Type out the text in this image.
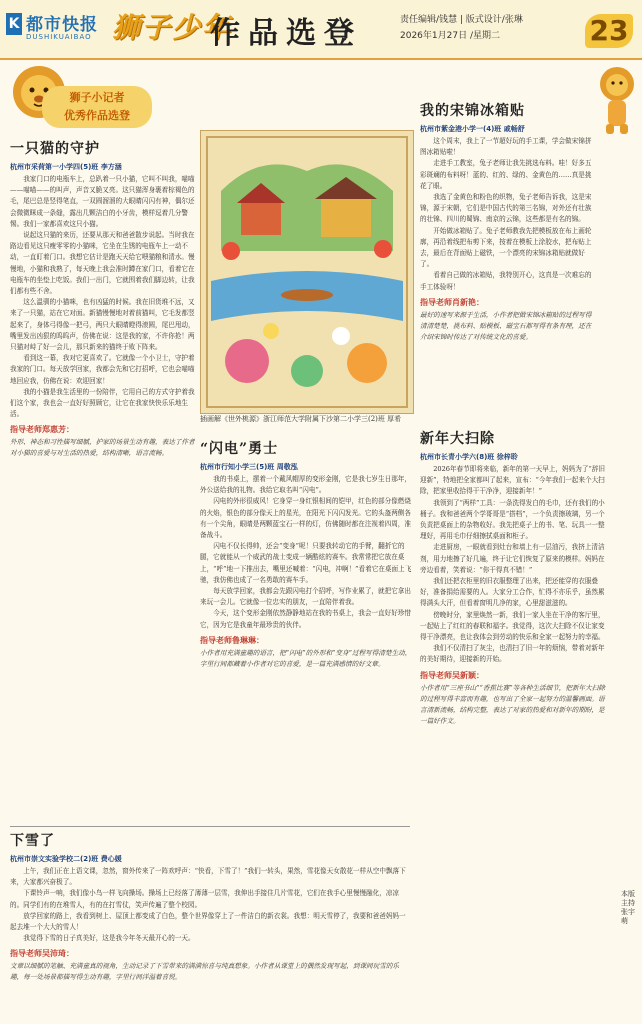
K 都市快报
DUSHIKUAIBAO 狮子少年
作品选登	责任编辑/钱慧 | 版式设计/张琳
2026年1月27日 /星期二	23
狮子小记者
优秀作品选登
一只猫的守护
杭州市采荷第一小学四(5)班 李方涵

我家门口的电瓶车上，总趴着一只小猫，它叫不叫我，喵喵——喵喵——的叫声，声音又脆又亮。这只猫浑身裹着棕褐色的毛，尾巴总是竖得笔直，一双圆溜溜的大眼睛闪闪有神，偶尔还会微微眯成一条缝，露出几颗洁白的小牙齿，模样逗着几分警惕。我们一家都喜欢这只小猫。

说起这只猫的来历，还要从那天和爸爸散步说起。当时我在路边看见这只瘦零零的小猫咪，它坐在生锈的电瓶车上一动不动，一直盯着门口。我想它估计是跑天天给它喂猫粮和清水。慢慢地，小猫和我熟了，每天晚上我会准时蹲在家门口，看着它在电瓶车的坐垫上吃饭。我们一出门，它就围着我们脚边转，让我们都有些不舍。

这么温驯的小猫咪，也有凶猛的时候。我在旧货堆不远，又来了一只猫，站在它对面。新猫慢慢地对着前猫叫，它毛发都竖起来了，身体弓得像一把弓，两只大眼睛瞪得滚圆，尾巴甩动，嘴里发出凶狠的呜呜声，仿佛在说：这是我的家，不许你抢！两只猫对峙了好一会儿，那只新来的猫终于败下阵来。

看到这一幕，我对它更喜欢了。它就像一个小卫士，守护着我家的门口。每天放学回家，我都会先和它打招呼，它也会喵喵地回应我，仿佛在说：欢迎回家！

我的小猫是我生活里的一份陪伴，它用自己的方式守护着我们这个家，我也会一直好好照顾它，让它在我家快快乐乐地生活。

指导老师郑惠芳：
外形、神态和习性描写细腻，护家的场景生动有趣，表达了作者对小猫的喜爱与对生活的热爱，结构清晰，语言流畅。
插画解《世外桃源》浙江师范大学附属下沙第二小学三(2)班 厚希
“闪电”勇士
杭州市行知小学三(5)班 周敬泓

我的书桌上，摆着一个戴风帽厚的变形金刚，它是我七岁生日那年，外公送给我的礼物。我给它取名叫“闪电”。

闪电的外形很威风！它身穿一身红银相间的铠甲，红色的部分像燃烧的火焰，银色的部分像天上的星光，在阳光下闪闪发光。它的头盔两侧各有一个尖角，眼睛是两颗蓝宝石一样的灯，仿佛随时都在注视着四周，准备战斗。

闪电不仅长得帅，还会“变身”呢！只要我转动它的手臂，翻折它的腿，它就能从一个威武的战士变成一辆酷炫的赛车。我常常把它放在桌上，“呼”地一下推出去，嘴里还喊着：“闪电，冲啊！”看着它在桌面上飞驰，我仿佛也成了一名勇敢的赛车手。

每天放学回家，我都会先跟闪电打个招呼，写作业累了，就把它拿出来玩一会儿。它就像一位忠实的朋友，一直陪伴着我。

今天，这个变形金刚依然静静地站在我的书桌上，我会一直好好珍惜它，因为它是我童年最珍贵的伙伴。

指导老师鲁琳琳：
小作者用充满童趣的语言，把“闪电”的外形和“变身”过程写得清楚生动，字里行间都藏着小作者对它的喜爱，是一篇充满感情的好文章。
我的宋锦冰箱贴
杭州市紫金港小学一(4)班 戚畅舒

这个周末，我上了一节超好玩的手工课，学会做宋锦拼图冰箱贴啦！

走进手工教室，兔子老师让我先挑选布料。哇！好多五彩斑斓的布料呀！蓝的、红的、绿的、金黄色的……真是挑花了眼。

我选了金黄色和粉色的织物，兔子老师告诉我，这是宋锦，源于宋朝，它们是中国古代的第三名锦，对外还有壮族的壮锦、四川的蜀锦、南京的云锦，这些都是有名的锦。

开始做冰箱贴了。兔子老师教我先把模板放在布上画轮廓，再沿着线把布剪下来，按着在模板上涂胶水，把布贴上去，最后在背面贴上磁铁，一个漂亮的宋锦冰箱贴就做好了。

看着自己做的冰箱贴，我特别开心，这真是一次难忘的手工体验呀！

指导老师肖新艳：
最好的速写来源于生活，小作者把做宋锦冰箱贴的过程写得清清楚楚，挑布料、贴模板、磁宝石都写得有条有理，还在介绍宋锦时传达了对传统文化的喜爱。
新年大扫除
杭州市长青小学六(8)班 徐梓聆

2026年春节即将来临，新年的第一天早上，妈妈为了“辞旧迎新”，特地把全家都叫了起来，宣布：“今年我们一起来个大扫除，把家里收拾得干干净净，迎接新年！”

我领到了“两样”工具：一条洗得发白的毛巾，还有我们的小桶子。我和爸爸两个学哥哥是“搭档”，一个负责擦玻璃，另一个负责把桌面上的杂物收好。我先把桌子上的书、笔、玩具一一整理好，再用毛巾仔细擦拭桌面和柜子。

走进厨房，一眼就看到灶台和墙上有一层油污，我挤上清洁剂，用力地擦了好几遍，终于让它们恢复了原来的模样。妈妈在旁边看着，笑着说：“你干得真不错！”

我们还把衣柜里的旧衣服整理了出来，把还能穿的衣服叠好，准备捐给需要的人。大家分工合作，忙得不亦乐乎，虽然累得满头大汗，但看着窗明几净的家，心里甜滋滋的。

傍晚时分，家里焕然一新，我们一家人坐在干净的客厅里，一起贴上了红红的春联和福字。我觉得，这次大扫除不仅让家变得干净漂亮，也让我体会到劳动的快乐和全家一起努力的幸福。

我们不仅清扫了灰尘，也清扫了旧一年的烦恼，带着对新年的美好期待，迎接新的开始。

指导老师吴新颖：
小作者用“三座书山”“香蕉比赛”等各种生活细节，把新年大扫除的过程写得丰富而有趣，也写出了全家一起努力的温馨画面。语言清新流畅，结构完整，表达了对家的热爱和对新年的期盼，是一篇好作文。
下雪了
杭州市崇文实验学校二(2)班 费心媛

上午，我们正在上语文课，忽然，窗外传来了一阵欢呼声：“快看，下雪了！”我们一转头，果然，雪花像天女散花一样从空中飘落下来，大家都兴奋极了。

下课铃声一响，我们像小鸟一样飞向操场。操场上已经落了薄薄一层雪，我伸出手接住几片雪花，它们在我手心里慢慢融化，凉凉的。同学们有的在堆雪人，有的在打雪仗，笑声传遍了整个校园。

放学回家的路上，我看到树上、屋顶上都变成了白色，整个世界像穿上了一件洁白的新衣裳。我想：明天雪停了，我要和爸爸妈妈一起去堆一个大大的雪人！

我觉得下雪的日子真美好，这是我今年冬天最开心的一天。

指导老师吴沛琦：
文章以细腻的笔触、充满童真的视角，生动记录了下雪带来的满满惊喜与纯真想象。小作者从课堂上的偶然发现写起，到课间玩雪的乐趣，每一处场景都描写得生动有趣，字里行间洋溢着喜悦。
本版主持 张宇萌
